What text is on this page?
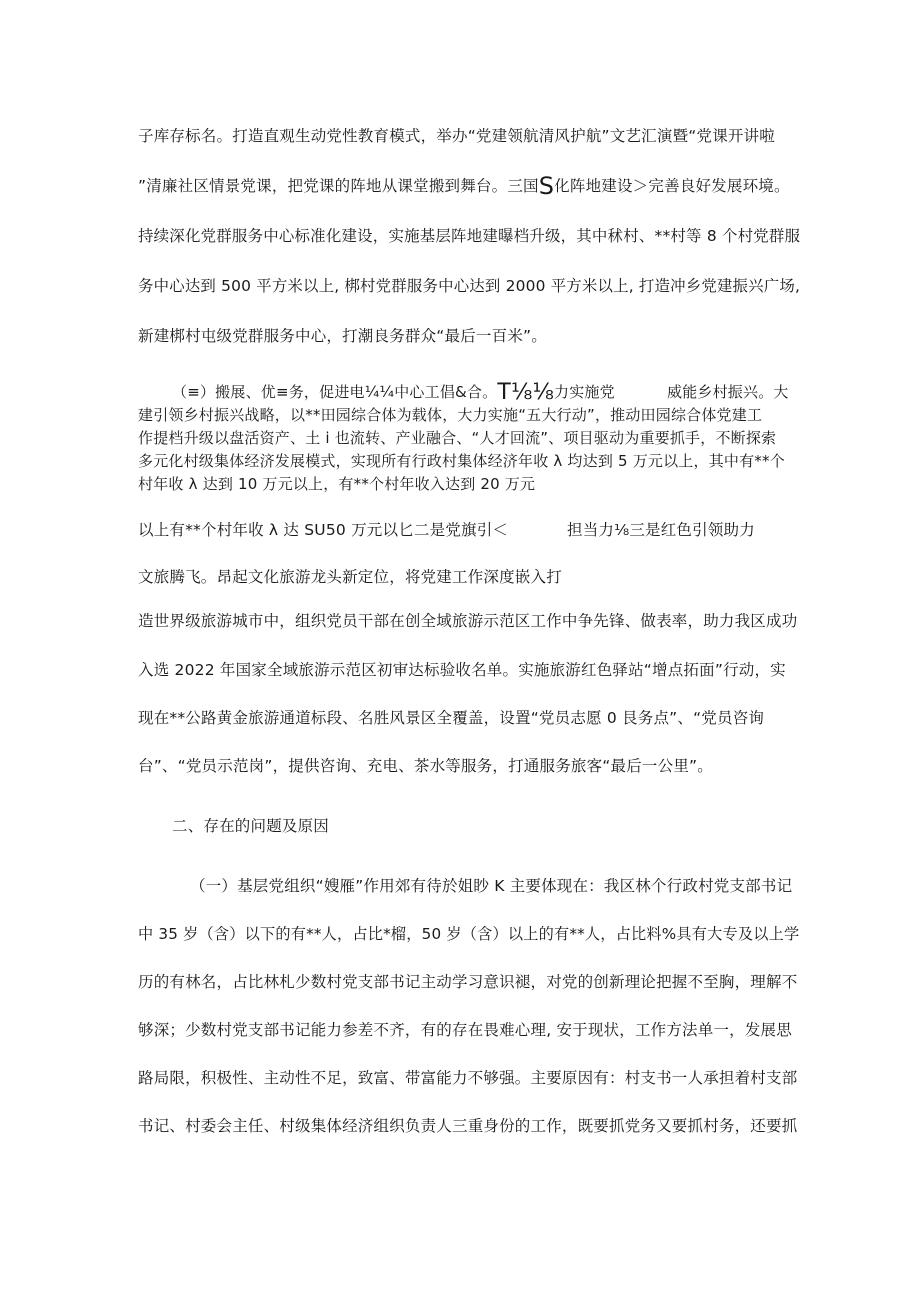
子库存标名。打造直观生动党性教育模式，举办“党建领航清风护航”文艺汇演暨“党课开讲啦
”清廉社区情景党课，把党课的阵地从课堂搬到舞台。三国S化阵地建设＞完善良好发展环境。
持续深化党群服务中心标准化建设，实施基层阵地建曝档升级，其中秫村、**村等 8 个村党群服
务中心达到 500 平方米以上, 梆村党群服务中心达到 2000 平方米以上, 打造冲乡党建振兴广场,
新建梆村屯级党群服务中心，打潮良务群众“最后一百米”。
（≡）搬展、优≡务，促进电¼¼中心工倡&合。T⅛⅛力实施党	威能乡村振兴。大
建引领乡村振兴战略，以**田园综合体为载体，大力实施“五大行动”，推动田园综合体党建工
作提档升级以盘活资产、土 i 也流转、产业融合、“人才回流”、项目驱动为重要抓手，不断探索
多元化村级集体经济发展模式，实现所有行政村集体经济年收 λ 均达到 5 万元以上，其中有**个
村年收 λ 达到 10 万元以上，有**个村年收入达到 20 万元
以上有**个村年收 λ 达 SU50 万元以匕二是党旗引＜	担当力⅛三是红色引领助力
文旅腾飞。昂起文化旅游龙头新定位，将党建工作深度嵌入打
造世界级旅游城市中，组织党员干部在创全域旅游示范区工作中争先锋、做表率，助力我区成功
入选 2022 年国家全域旅游示范区初审达标验收名单。实施旅游红色驿站“增点拓面”行动，实
现在**公路黄金旅游通道标段、名胜风景区全覆盖，设置“党员志愿 0 艮务点”、“党员咨询
台”、“党员示范岗”，提供咨询、充电、茶水等服务，打通服务旅客“最后一公里”。
二、存在的问题及原因
（一）基层党组织“嫂雁”作用郊有待於姐眇 K 主要体现在：我区林个行政村党支部书记
中 35 岁（含）以下的有**人，占比*榴，50 岁（含）以上的有**人，占比料%具有大专及以上学
历的有林名，占比林札少数村党支部书记主动学习意识褪，对党的创新理论把握不至胸，理解不
够深；少数村党支部书记能力参差不齐，有的存在畏难心理, 安于现状，工作方法单一，发展思
路局限，积极性、主动性不足，致富、带富能力不够强。主要原因有：村支书一人承担着村支部
书记、村委会主任、村级集体经济组织负责人三重身份的工作，既要抓党务又要抓村务，还要抓
